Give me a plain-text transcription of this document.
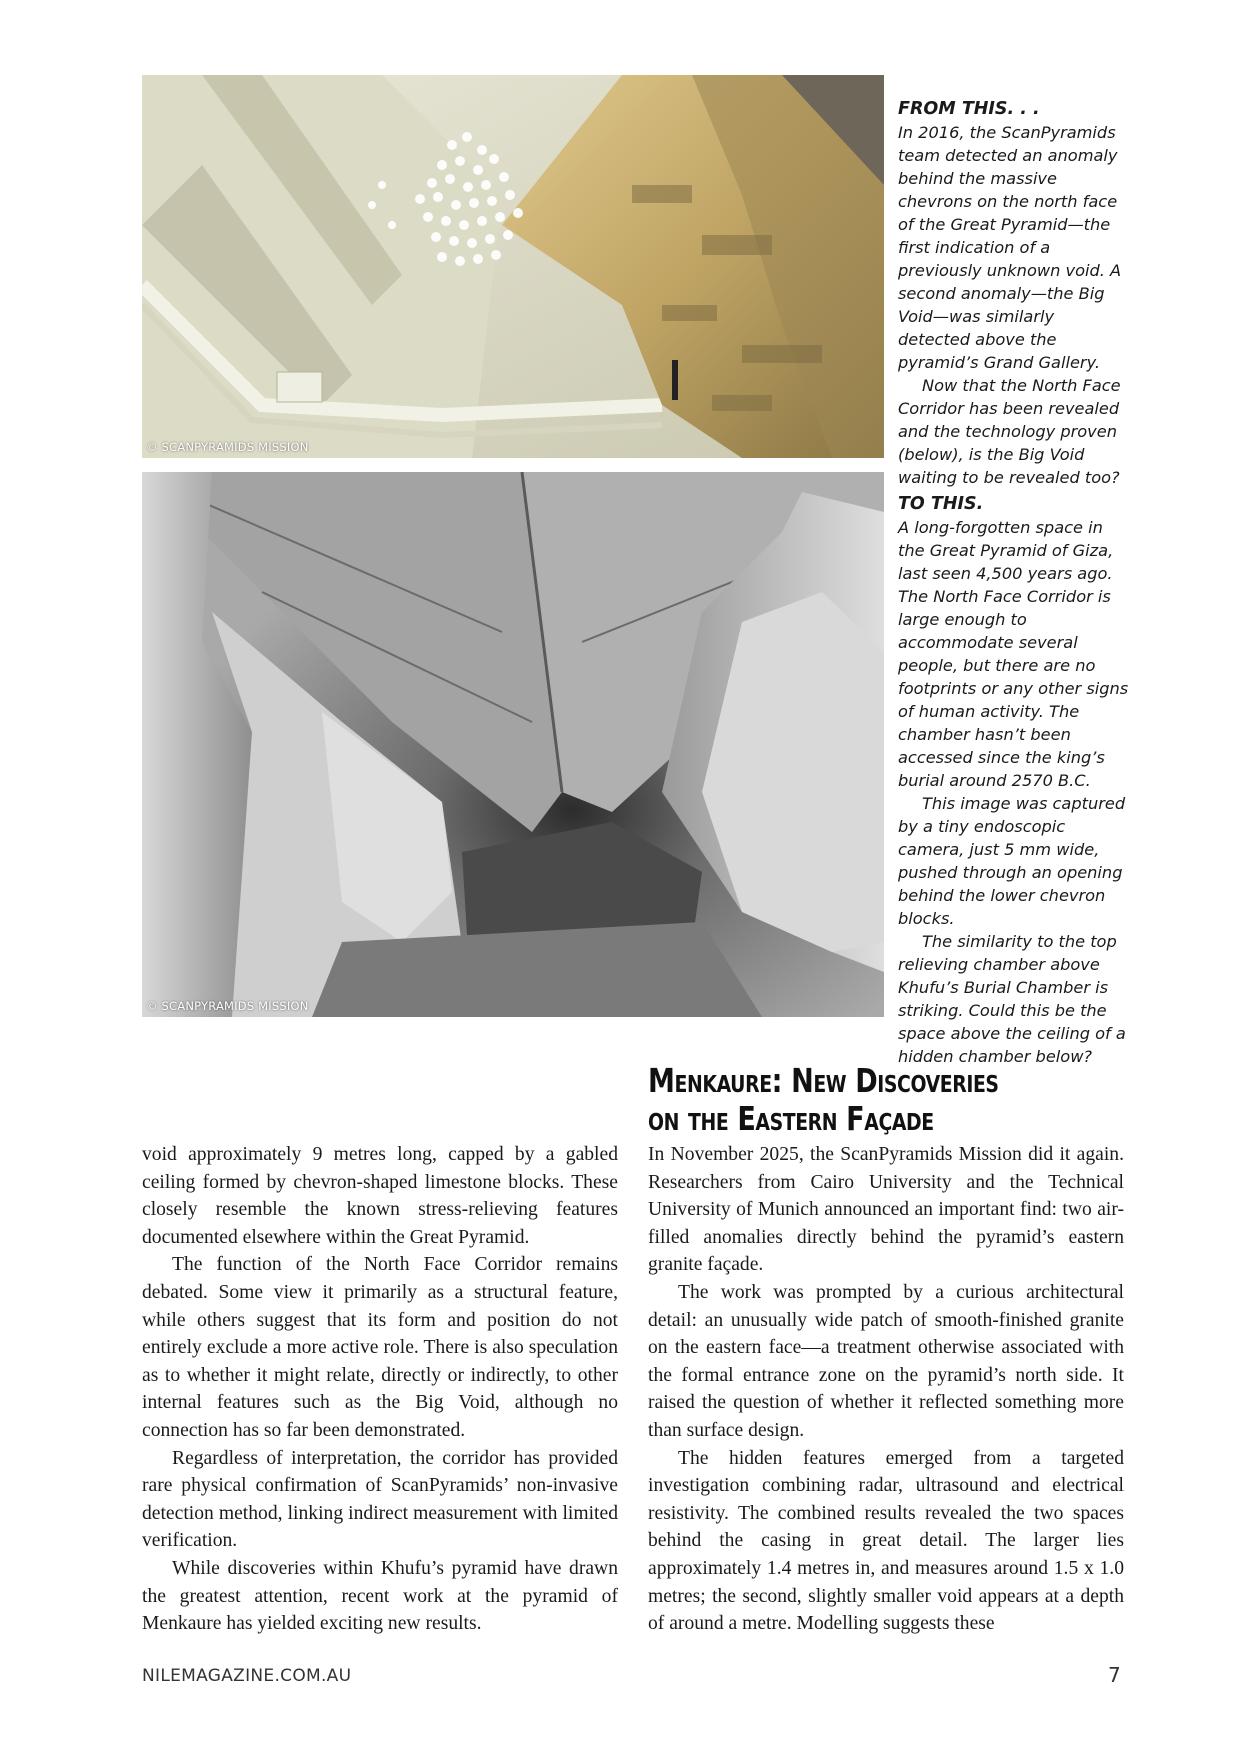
© SCANPYRAMIDS MISSION
© SCANPYRAMIDS MISSION

FROM THIS. . .

In 2016, the ScanPyramids team detected an anomaly behind the massive chevrons on the north face of the Great Pyramid—the first indication of a previously unknown void. A second anomaly—the Big Void—was similarly detected above the pyramid’s Grand Gallery.

Now that the North Face Corridor has been revealed and the technology proven (below), is the Big Void waiting to be revealed too?

TO THIS.

A long-forgotten space in the Great Pyramid of Giza, last seen 4,500 years ago. The North Face Corridor is large enough to accommodate several people, but there are no footprints or any other signs of human activity. The chamber hasn’t been accessed since the king’s burial around 2570 B.C.

This image was captured by a tiny endoscopic camera, just 5 mm wide, pushed through an opening behind the lower chevron blocks.

The similarity to the top relieving chamber above Khufu’s Burial Chamber is striking. Could this be the space above the ceiling of a hidden chamber below?

Menkaure: New Discoveries
on the Eastern Façade

void approximately 9 metres long, capped by a gabled ceiling formed by chevron-shaped limestone blocks. These closely resemble the known stress-relieving features documented elsewhere within the Great Pyramid.

The function of the North Face Corridor remains debated. Some view it primarily as a structural feature, while others suggest that its form and position do not entirely exclude a more active role. There is also speculation as to whether it might relate, directly or indirectly, to other internal features such as the Big Void, although no connection has so far been demonstrated.

Regardless of interpretation, the corridor has provided rare physical confirmation of ScanPyramids’ non-invasive detection method, linking indirect measurement with limited verification.

While discoveries within Khufu’s pyramid have drawn the greatest attention, recent work at the pyramid of Menkaure has yielded exciting new results.

In November 2025, the ScanPyramids Mission did it again. Researchers from Cairo University and the Technical University of Munich announced an important find: two air-filled anomalies directly behind the pyramid’s eastern granite façade.

The work was prompted by a curious architectural detail: an unusually wide patch of smooth-finished granite on the eastern face—a treatment otherwise associated with the formal entrance zone on the pyramid’s north side. It raised the question of whether it reflected something more than surface design.

The hidden features emerged from a targeted investigation combining radar, ultrasound and electrical resistivity. The combined results revealed the two spaces behind the casing in great detail. The larger lies approximately 1.4 metres in, and measures around 1.5 x 1.0 metres; the second, slightly smaller void appears at a depth of around a metre. Modelling suggests these

NILEMAGAZINE.COM.AU	7
